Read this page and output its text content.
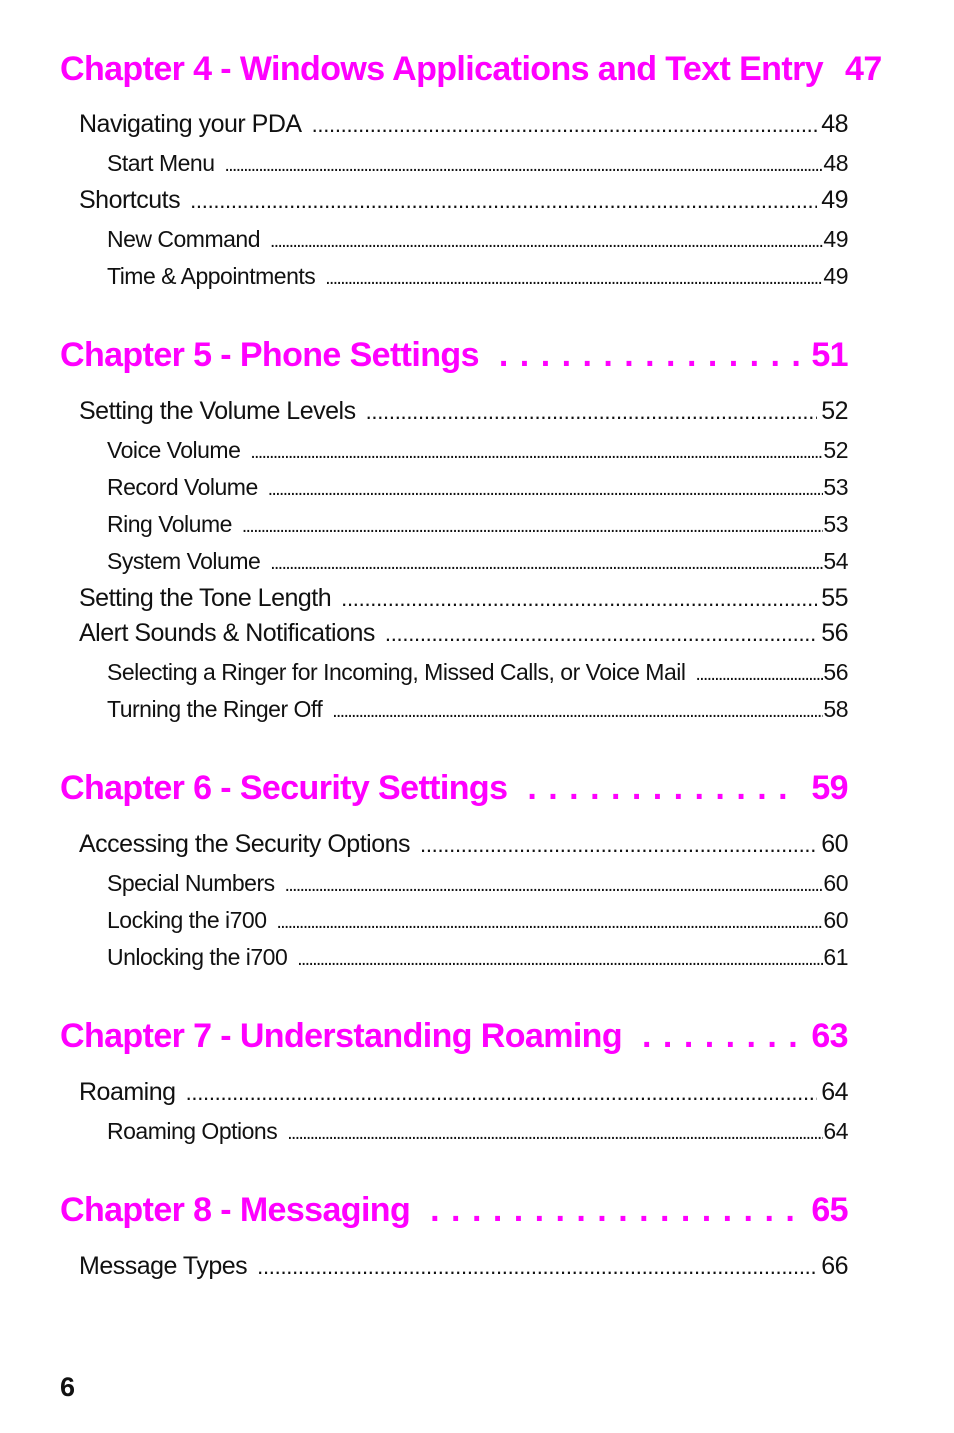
Chapter 4 - Windows Applications and Text Entry 47
Navigating your PDA . . .	48
Start Menu . . .	48
Shortcuts . . .	49
New Command . . .	49
Time & Appointments . . .	49
Chapter 5 - Phone Settings . . .	51
Setting the Volume Levels . . .	52
Voice Volume . . .	52
Record Volume . . .	53
Ring Volume . . .	53
System Volume . . .	54
Setting the Tone Length . . .	55
Alert Sounds & Notifications . . .	56
Selecting a Ringer for Incoming, Missed Calls, or Voice Mail . . .	56
Turning the Ringer Off . . .	58
Chapter 6 - Security Settings . . .	59
Accessing the Security Options . . .	60
Special Numbers . . .	60
Locking the i700 . . .	60
Unlocking the i700 . . .	61
Chapter 7 - Understanding Roaming . . .	63
Roaming . . .	64
Roaming Options . . .	64
Chapter 8 - Messaging . . .	65
Message Types . . .	66
6
